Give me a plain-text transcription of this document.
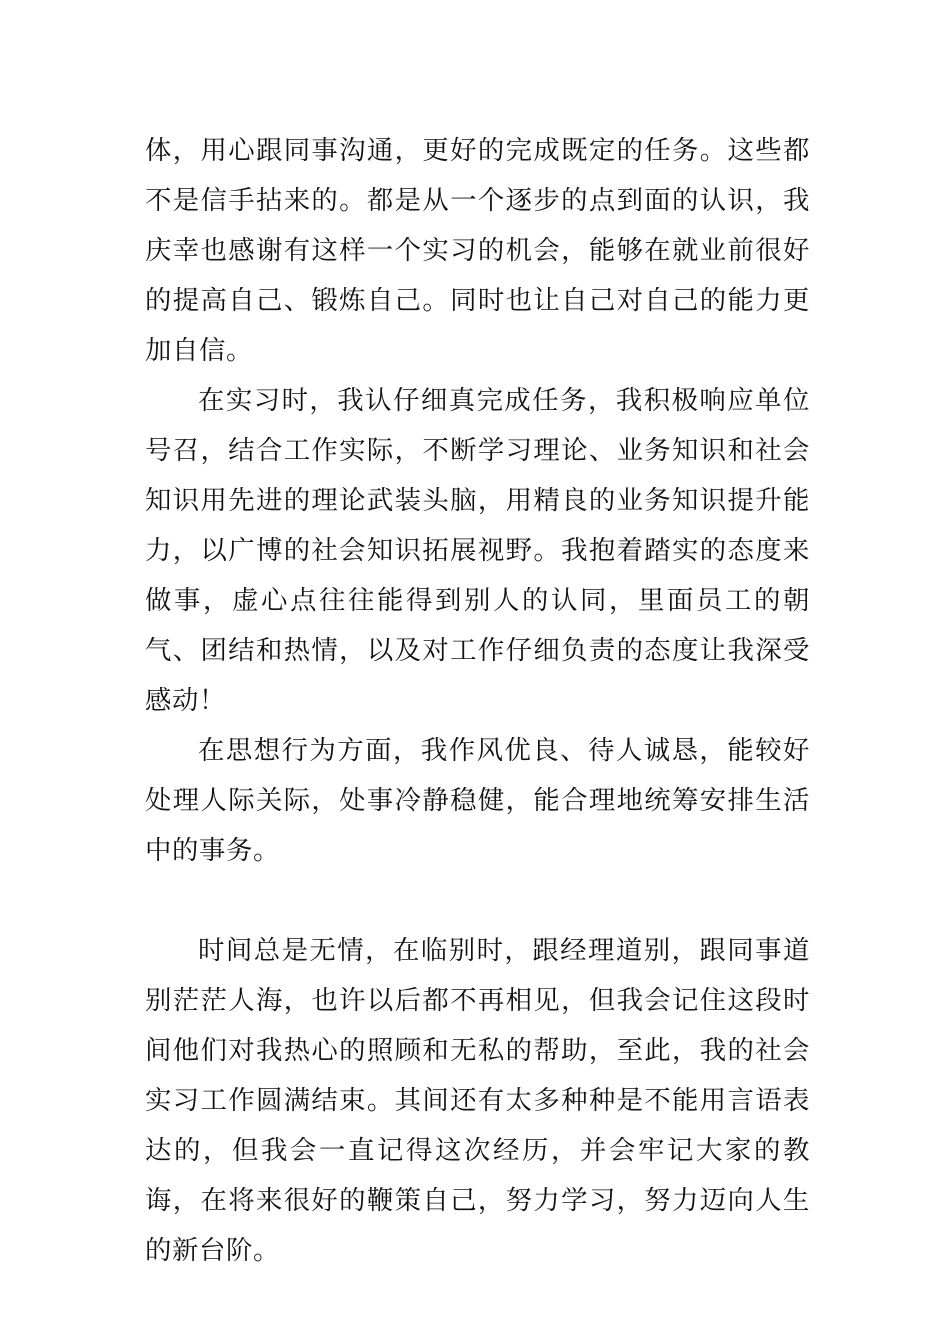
体，用心跟同事沟通，更好的完成既定的任务。这些都不是信手拈来的。都是从一个逐步的点到面的认识，我庆幸也感谢有这样一个实习的机会，能够在就业前很好的提高自己、锻炼自己。同时也让自己对自己的能力更加自信。

在实习时，我认仔细真完成任务，我积极响应单位号召，结合工作实际，不断学习理论、业务知识和社会知识用先进的理论武装头脑，用精良的业务知识提升能力，以广博的社会知识拓展视野。我抱着踏实的态度来做事，虚心点往往能得到别人的认同，里面员工的朝气、团结和热情，以及对工作仔细负责的态度让我深受感动！

在思想行为方面，我作风优良、待人诚恳，能较好处理人际关际，处事冷静稳健，能合理地统筹安排生活中的事务。

时间总是无情，在临别时，跟经理道别，跟同事道别茫茫人海，也许以后都不再相见，但我会记住这段时间他们对我热心的照顾和无私的帮助，至此，我的社会实习工作圆满结束。其间还有太多种种是不能用言语表达的，但我会一直记得这次经历，并会牢记大家的教诲，在将来很好的鞭策自己，努力学习，努力迈向人生的新台阶。
